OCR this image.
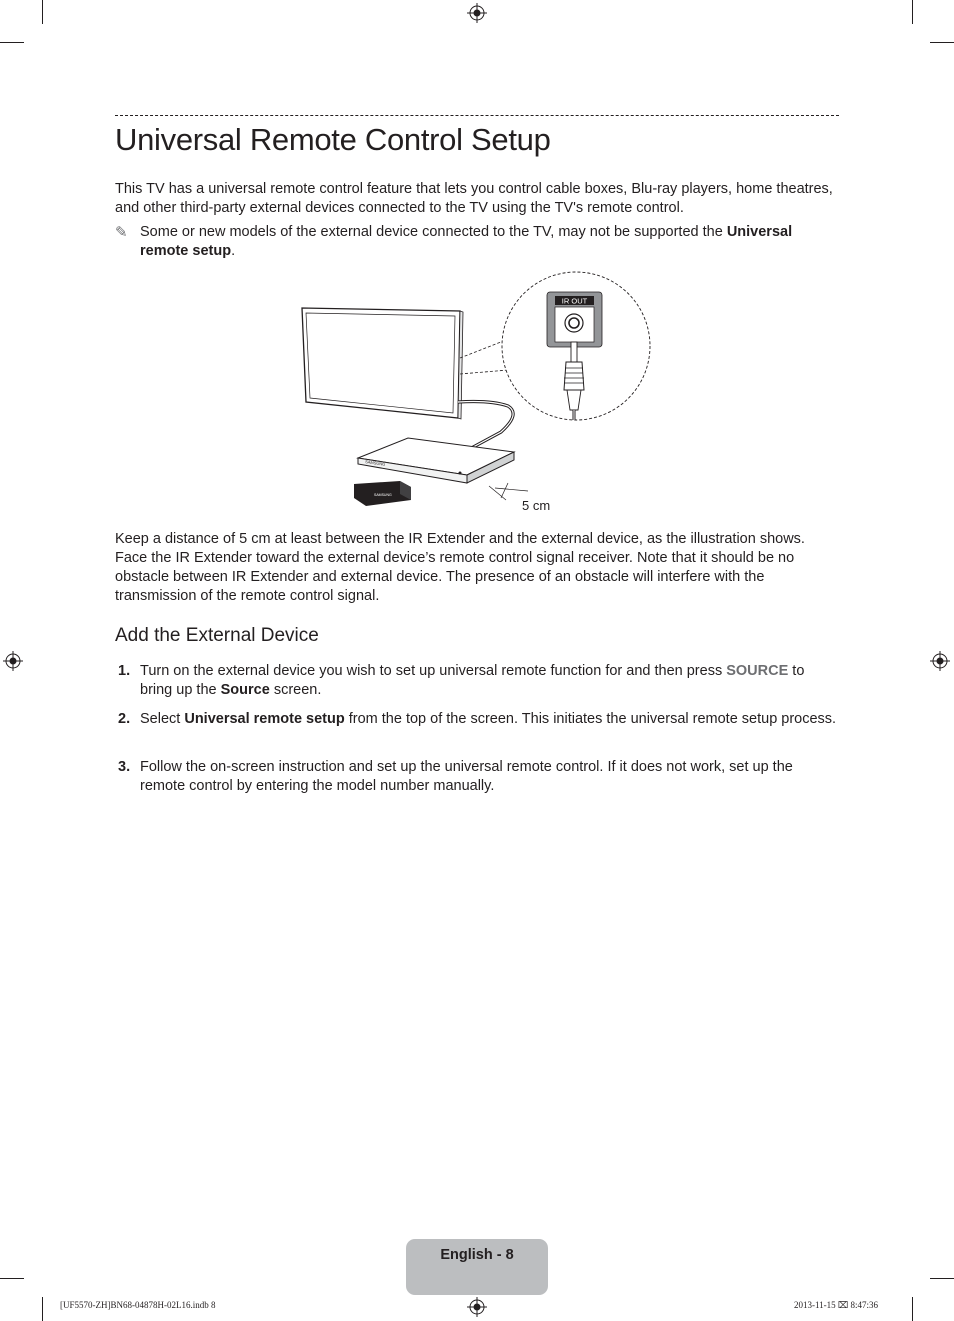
Universal Remote Control Setup
This TV has a universal remote control feature that lets you control cable boxes, Blu-ray players, home theatres, and other third-party external devices connected to the TV using the TV's remote control.
✎ Some or new models of the external device connected to the TV, may not be supported the Universal remote setup.
IR OUT
SAMSUNG
SAMSUNG
5 cm
Keep a distance of 5 cm at least between the IR Extender and the external device, as the illustration shows. Face the IR Extender toward the external device’s remote control signal receiver. Note that it should be no obstacle between IR Extender and external device. The presence of an obstacle will interfere with the transmission of the remote control signal.
Add the External Device
1. Turn on the external device you wish to set up universal remote function for and then press SOURCE to bring up the Source screen.
2. Select Universal remote setup from the top of the screen. This initiates the universal remote setup process.
3. Follow the on-screen instruction and set up the universal remote control. If it does not work, set up the remote control by entering the model number manually.
English - 8
[UF5570-ZH]BN68-04878H-02L16.indb 8	2013-11-15 ⌧ 8:47:36
